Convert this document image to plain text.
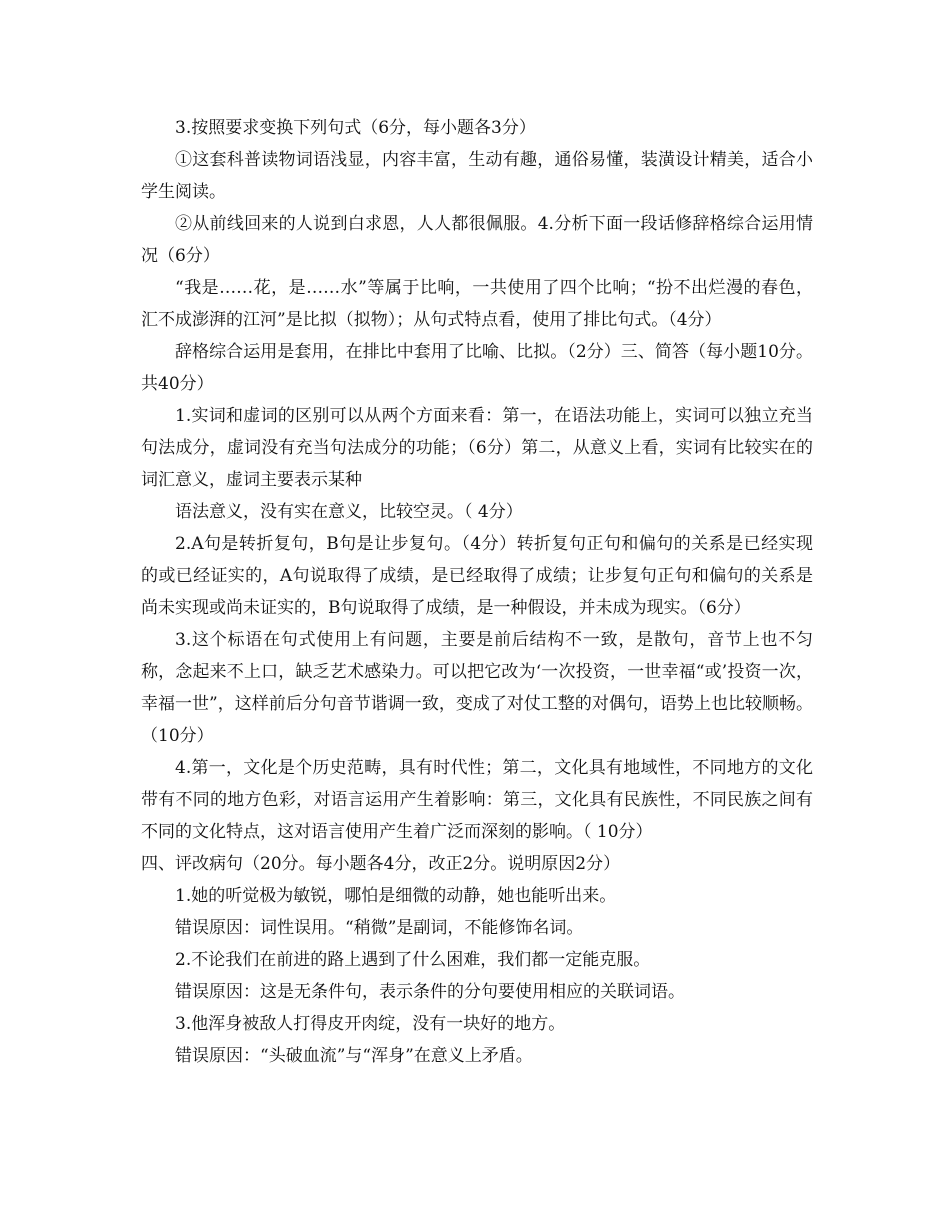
3.按照要求变换下列句式（6分，每小题各3分）

①这套科普读物词语浅显，内容丰富，生动有趣，通俗易懂，装潢设计精美，适合小学生阅读。

②从前线回来的人说到白求恩，人人都很佩服。4.分析下面一段话修辞格综合运用情况（6分）

“我是……花，是……水”等属于比响，一共使用了四个比响；“扮不出烂漫的春色，汇不成澎湃的江河”是比拟（拟物）；从句式特点看，使用了排比句式。（4分）

辞格综合运用是套用，在排比中套用了比喻、比拟。（2分）三、简答（每小题10分。共40分）

1.实词和虚词的区别可以从两个方面来看：第一，在语法功能上，实词可以独立充当句法成分，虚词没有充当句法成分的功能；（6分）第二，从意义上看，实词有比较实在的词汇意义，虚词主要表示某种

语法意义，没有实在意义，比较空灵。（ 4分）

2.A句是转折复句，B句是让步复句。（4分）转折复句正句和偏句的关系是已经实现的或已经证实的，A句说取得了成绩，是已经取得了成绩；让步复句正句和偏句的关系是尚未实现或尚未证实的，B句说取得了成绩，是一种假设，并未成为现实。（6分）

3.这个标语在句式使用上有问题，主要是前后结构不一致，是散句，音节上也不匀称，念起来不上口，缺乏艺术感染力。可以把它改为‘一次投资，一世幸福“或’投资一次，幸福一世”，这样前后分句音节谐调一致，变成了对仗工整的对偶句，语势上也比较顺畅。（10分）

4.第一，文化是个历史范畴，具有时代性；第二，文化具有地域性，不同地方的文化带有不同的地方色彩，对语言运用产生着影响：第三，文化具有民族性，不同民族之间有不同的文化特点，这对语言使用产生着广泛而深刻的影响。（ 10分）

四、评改病句（20分。每小题各4分，改正2分。说明原因2分）

1.她的听觉极为敏锐，哪怕是细微的动静，她也能听出来。

错误原因：词性误用。“稍微”是副词，不能修饰名词。

2.不论我们在前进的路上遇到了什么困难，我们都一定能克服。

错误原因：这是无条件句，表示条件的分句要使用相应的关联词语。

3.他浑身被敌人打得皮开肉绽，没有一块好的地方。

错误原因：“头破血流”与“浑身”在意义上矛盾。
